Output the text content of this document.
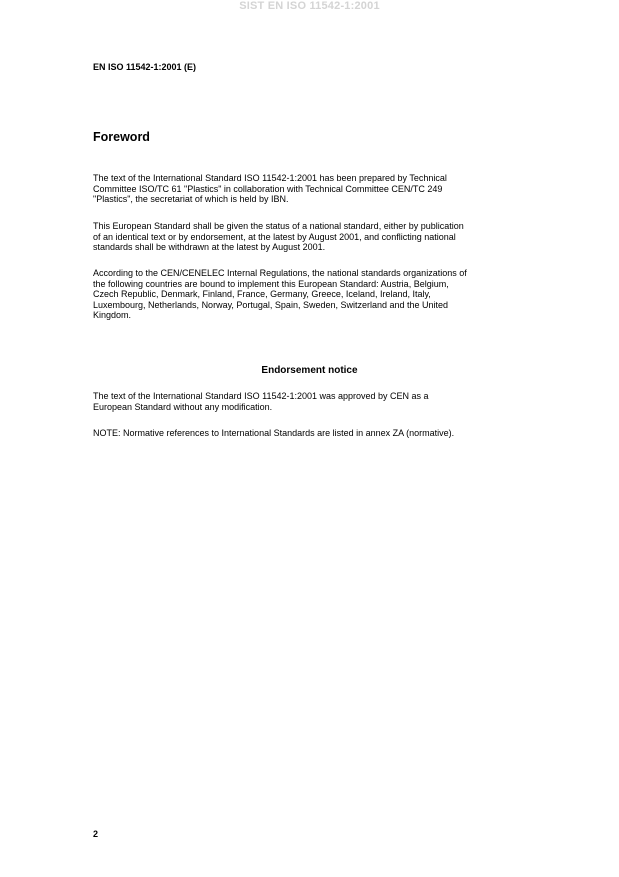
SIST EN ISO 11542-1:2001
EN ISO 11542-1:2001 (E)
Foreword
The text of the International Standard ISO 11542-1:2001 has been prepared by Technical
Committee ISO/TC 61 "Plastics" in collaboration with Technical Committee CEN/TC 249
"Plastics", the secretariat of which is held by IBN.
This European Standard shall be given the status of a national standard, either by publication
of an identical text or by endorsement, at the latest by August 2001, and conflicting national
standards shall be withdrawn at the latest by August 2001.
According to the CEN/CENELEC Internal Regulations, the national standards organizations of
the following countries are bound to implement this European Standard: Austria, Belgium,
Czech Republic, Denmark, Finland, France, Germany, Greece, Iceland, Ireland, Italy,
Luxembourg, Netherlands, Norway, Portugal, Spain, Sweden, Switzerland and the United
Kingdom.
Endorsement notice
The text of the International Standard ISO 11542-1:2001 was approved by CEN as a
European Standard without any modification.
NOTE: Normative references to International Standards are listed in annex ZA (normative).
2
